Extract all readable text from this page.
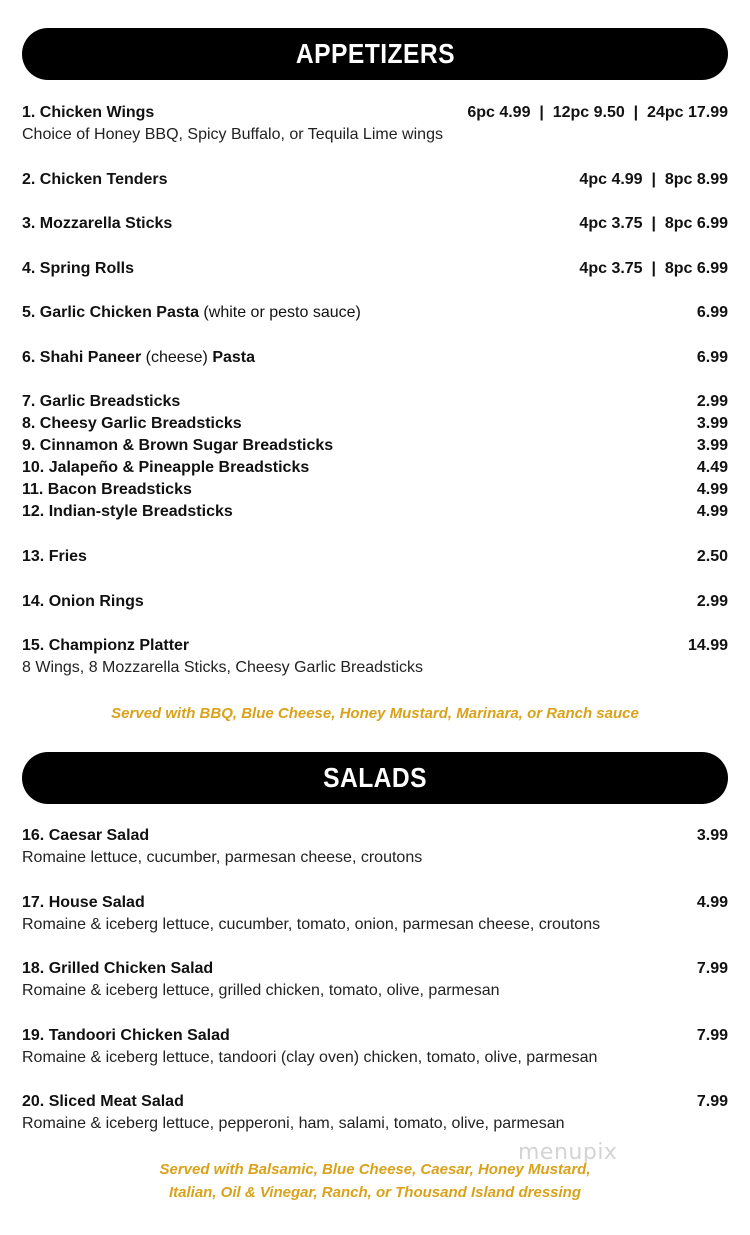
APPETIZERS
1. Chicken Wings	6pc 4.99  |  12pc 9.50  |  24pc 17.99
Choice of Honey BBQ, Spicy Buffalo, or Tequila Lime wings
2. Chicken Tenders	4pc 4.99  |  8pc 8.99
3. Mozzarella Sticks	4pc 3.75  |  8pc 6.99
4. Spring Rolls	4pc 3.75  |  8pc 6.99
5. Garlic Chicken Pasta (white or pesto sauce)	6.99
6. Shahi Paneer (cheese) Pasta	6.99
7. Garlic Breadsticks	2.99
8. Cheesy Garlic Breadsticks	3.99
9. Cinnamon & Brown Sugar Breadsticks	3.99
10. Jalapeño & Pineapple Breadsticks	4.49
11. Bacon Breadsticks	4.99
12. Indian-style Breadsticks	4.99
13. Fries	2.50
14. Onion Rings	2.99
15. Championz Platter	14.99
8 Wings, 8 Mozzarella Sticks, Cheesy Garlic Breadsticks
Served with BBQ, Blue Cheese, Honey Mustard, Marinara, or Ranch sauce
SALADS
16. Caesar Salad	3.99
Romaine lettuce, cucumber, parmesan cheese, croutons
17. House Salad	4.99
Romaine & iceberg lettuce, cucumber, tomato, onion, parmesan cheese, croutons
18. Grilled Chicken Salad	7.99
Romaine & iceberg lettuce, grilled chicken, tomato, olive, parmesan
19. Tandoori Chicken Salad	7.99
Romaine & iceberg lettuce, tandoori (clay oven) chicken, tomato, olive, parmesan
20. Sliced Meat Salad	7.99
Romaine & iceberg lettuce, pepperoni, ham, salami, tomato, olive, parmesan
menupix
Served with Balsamic, Blue Cheese, Caesar, Honey Mustard,
Italian, Oil & Vinegar, Ranch, or Thousand Island dressing
